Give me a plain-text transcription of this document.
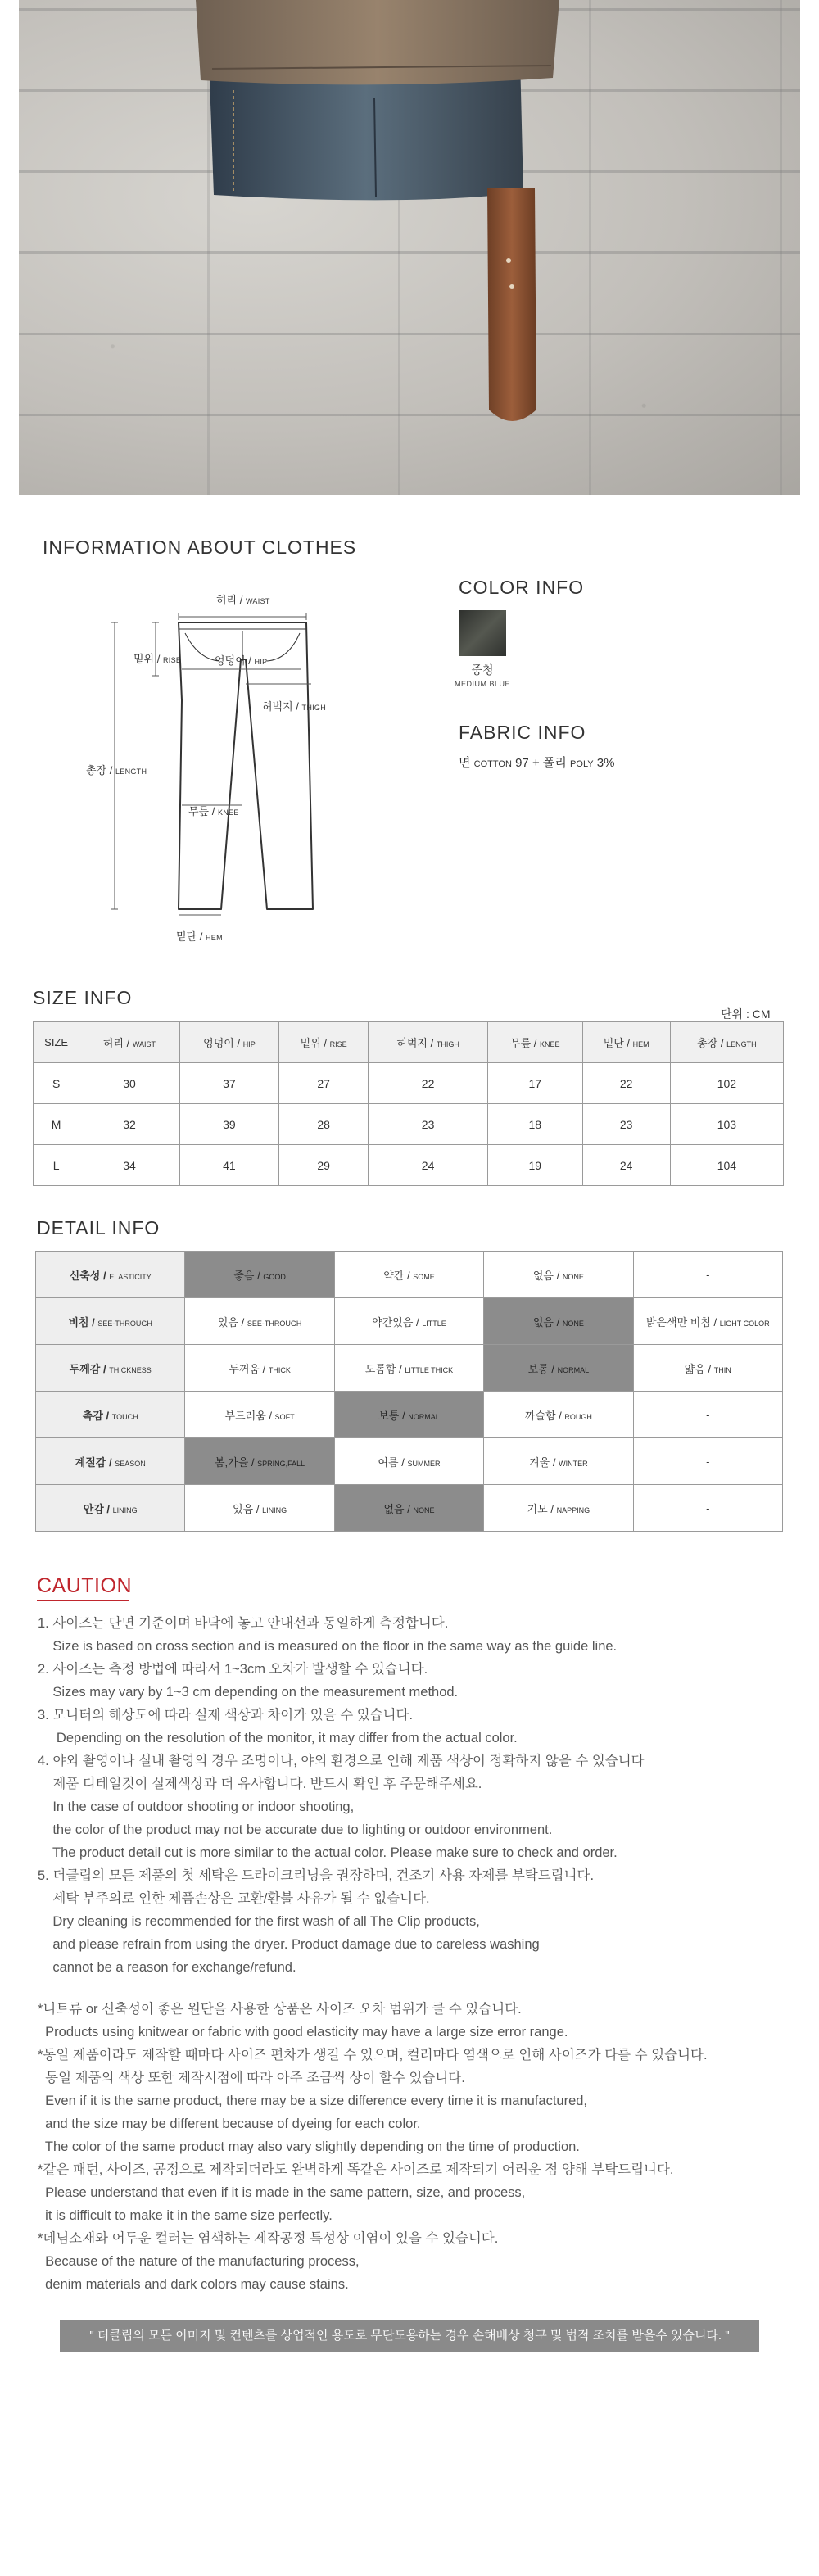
INFORMATION ABOUT CLOTHES
허리 / WAIST
밑위 / RISE	엉덩이 / HIP
허벅지 / THIGH
총장 / LENGTH
무릎 / KNEE
밑단 / HEM
COLOR INFO
중청
MEDIUM BLUE
FABRIC INFO
면 COTTON 97 + 폴리 POLY 3%
SIZE INFO
단위 : CM
SIZE	허리 / WAIST	엉덩이 / HIP	밑위 / RISE	허벅지 / THIGH	무릎 / KNEE	밑단 / HEM	총장 / LENGTH
S	30	37	27	22	17	22	102
M	32	39	28	23	18	23	103
L	34	41	29	24	19	24	104
DETAIL INFO
신축성 / ELASTICITY	좋음 / GOOD	약간 / SOME	없음 / NONE	-
비침 / SEE-THROUGH	있음 / SEE-THROUGH	약간있음 / LITTLE	없음 / NONE	밝은색만 비침 / LIGHT COLOR
두께감 / THICKNESS	두꺼움 / THICK	도톰함 / LITTLE THICK	보통 / NORMAL	얇음 / THIN
촉감 / TOUCH	부드러움 / SOFT	보통 / NORMAL	까슬함 / ROUGH	-
계절감 / SEASON	봄,가을 / SPRING,FALL	여름 / SUMMER	겨울 / WINTER	-
안감 / LINING	있음 / LINING	없음 / NONE	기모 / NAPPING	-
CAUTION
1. 사이즈는 단면 기준이며 바닥에 놓고 안내선과 동일하게 측정합니다.
Size is based on cross section and is measured on the floor in the same way as the guide line.
2. 사이즈는 측정 방법에 따라서 1~3cm 오차가 발생할 수 있습니다.
Sizes may vary by 1~3 cm depending on the measurement method.
3. 모니터의 해상도에 따라 실제 색상과 차이가 있을 수 있습니다.
Depending on the resolution of the monitor, it may differ from the actual color.
4. 야외 촬영이나 실내 촬영의 경우 조명이나, 야외 환경으로 인해 제품 색상이 정확하지 않을 수 있습니다
제품 디테일컷이 실제색상과 더 유사합니다. 반드시 확인 후 주문해주세요.
In the case of outdoor shooting or indoor shooting,
the color of the product may not be accurate due to lighting or outdoor environment.
The product detail cut is more similar to the actual color. Please make sure to check and order.
5. 더클립의 모든 제품의 첫 세탁은 드라이크리닝을 권장하며, 건조기 사용 자제를 부탁드립니다.
세탁 부주의로 인한 제품손상은 교환/환불 사유가 될 수 없습니다.
Dry cleaning is recommended for the first wash of all The Clip products,
and please refrain from using the dryer. Product damage due to careless washing
cannot be a reason for exchange/refund.
*니트류 or 신축성이 좋은 원단을 사용한 상품은 사이즈 오차 범위가 클 수 있습니다.
Products using knitwear or fabric with good elasticity may have a large size error range.
*동일 제품이라도 제작할 때마다 사이즈 편차가 생길 수 있으며, 컬러마다 염색으로 인해 사이즈가 다를 수 있습니다.
동일 제품의 색상 또한 제작시점에 따라 아주 조금씩 상이 할수 있습니다.
Even if it is the same product, there may be a size difference every time it is manufactured,
and the size may be different because of dyeing for each color.
The color of the same product may also vary slightly depending on the time of production.
*같은 패턴, 사이즈, 공정으로 제작되더라도 완벽하게 똑같은 사이즈로 제작되기 어려운 점 양해 부탁드립니다.
Please understand that even if it is made in the same pattern, size, and process,
it is difficult to make it in the same size perfectly.
*데님소재와 어두운 컬러는 염색하는 제작공정 특성상 이염이 있을 수 있습니다.
Because of the nature of the manufacturing process,
denim materials and dark colors may cause stains.
" 더클립의 모든 이미지 및 컨텐츠를 상업적인 용도로 무단도용하는 경우 손해배상 청구 및 법적 조치를 받을수 있습니다. "
